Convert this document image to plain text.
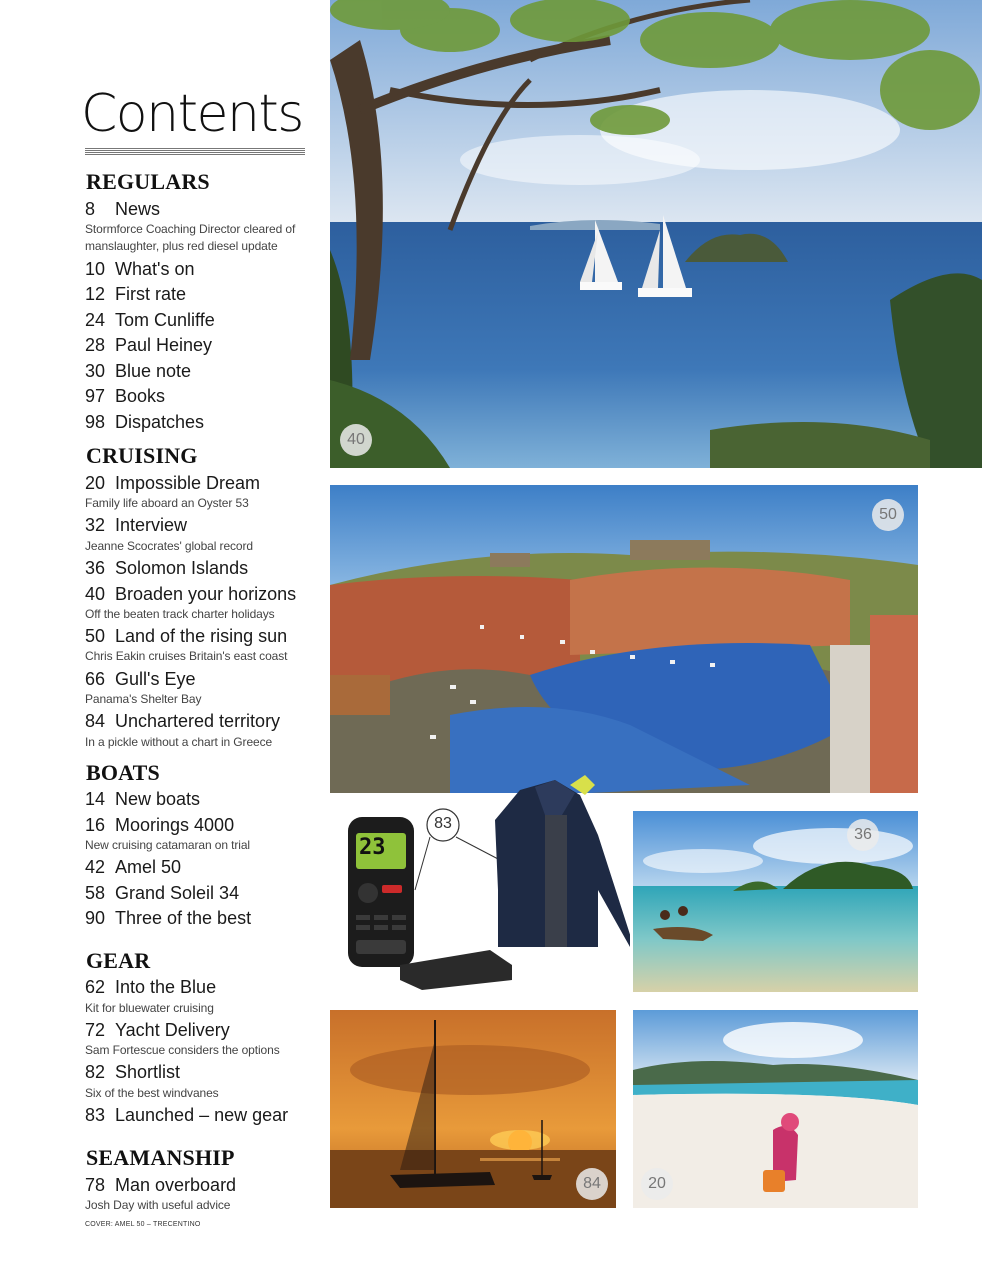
Contents
REGULARS
8 News
Stormforce Coaching Director cleared of
manslaughter, plus red diesel update
10 What's on
12 First rate
24 Tom Cunliffe
28 Paul Heiney
30 Blue note
97 Books
98 Dispatches
CRUISING
20 Impossible Dream
Family life aboard an Oyster 53
32 Interview
Jeanne Scocrates' global record
36 Solomon Islands
40 Broaden your horizons
Off the beaten track charter holidays
50 Land of the rising sun
Chris Eakin cruises Britain's east coast
66 Gull's Eye
Panama's Shelter Bay
84 Unchartered territory
In a pickle without a chart in Greece
BOATS
14 New boats
16 Moorings 4000
New cruising catamaran on trial
42 Amel 50
58 Grand Soleil 34
90 Three of the best
GEAR
62 Into the Blue
Kit for bluewater cruising
72 Yacht Delivery
Sam Fortescue considers the options
82 Shortlist
Six of the best windvanes
83 Launched – new gear
SEAMANSHIP
78 Man overboard
Josh Day with useful advice
COVER: AMEL 50 – TRECENTINO
40
50
23
83
36
84	20
